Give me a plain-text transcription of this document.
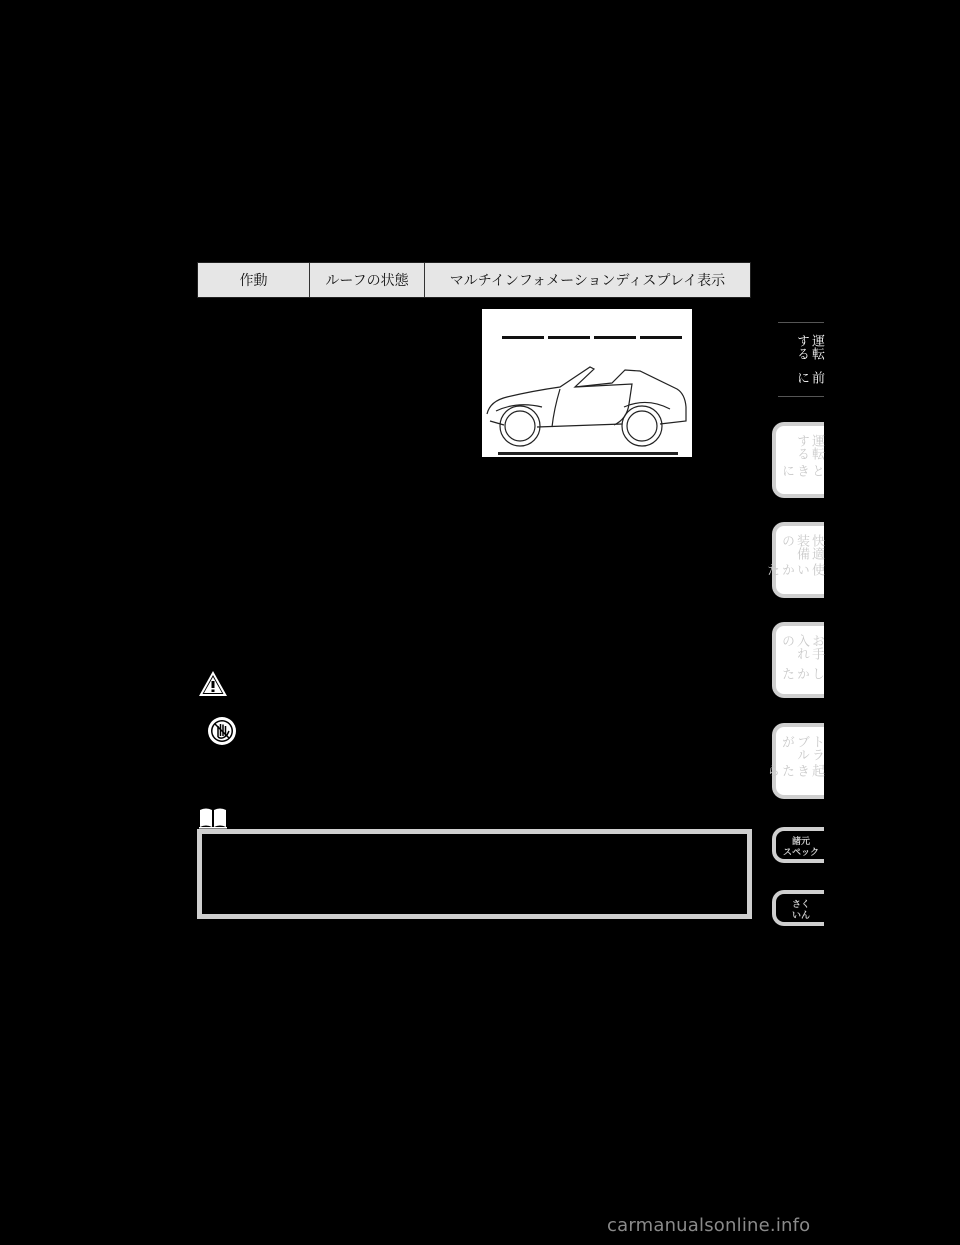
作動	ルーフの状態	マルチインフォメーションディスプレイ表示
運転する
前に
運転する
ときに
快適装備の
使いかた
お手入れの
しかた
トラブルが
起きたら
諸元
スペック
さく
いん
carmanualsonline.info
